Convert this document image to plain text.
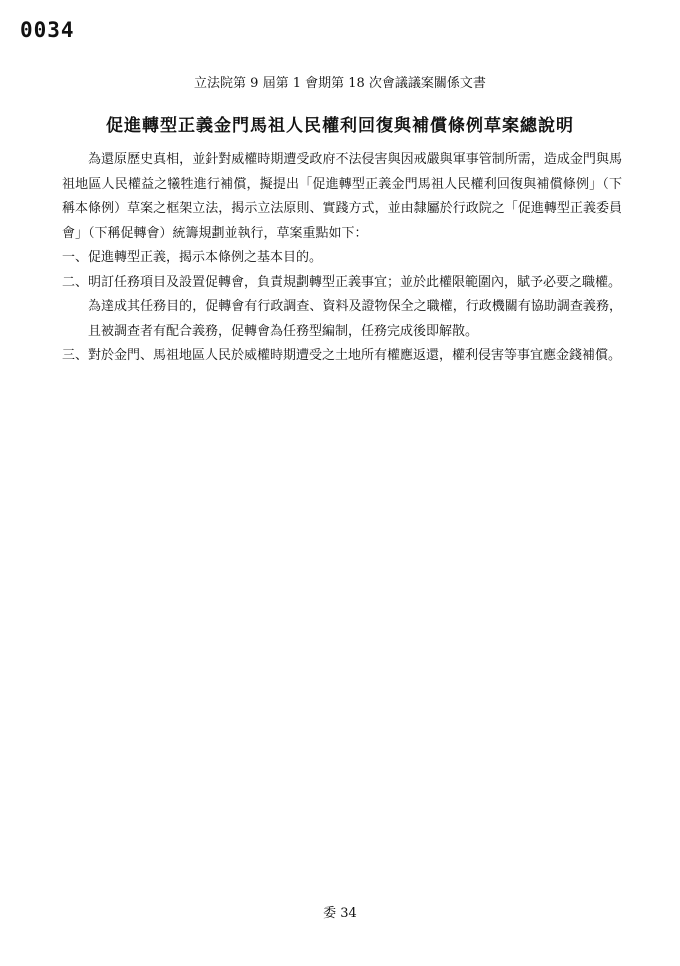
0034
立法院第 9 屆第 1 會期第 18 次會議議案關係文書
促進轉型正義金門馬祖人民權利回復與補償條例草案總說明

為還原歷史真相，並針對威權時期遭受政府不法侵害與因戒嚴與軍事管制所需，造成金門與馬祖地區人民權益之犧牲進行補償，擬提出「促進轉型正義金門馬祖人民權利回復與補償條例」（下稱本條例）草案之框架立法，揭示立法原則、實踐方式，並由隸屬於行政院之「促進轉型正義委員會」（下稱促轉會）統籌規劃並執行，草案重點如下：

一、促進轉型正義，揭示本條例之基本目的。

二、明訂任務項目及設置促轉會，負責規劃轉型正義事宜；並於此權限範圍內，賦予必要之職權。

為達成其任務目的，促轉會有行政調查、資料及證物保全之職權，行政機關有協助調查義務，且被調查者有配合義務，促轉會為任務型編制，任務完成後即解散。

三、對於金門、馬祖地區人民於威權時期遭受之土地所有權應返還，權利侵害等事宜應金錢補償。

委 34
